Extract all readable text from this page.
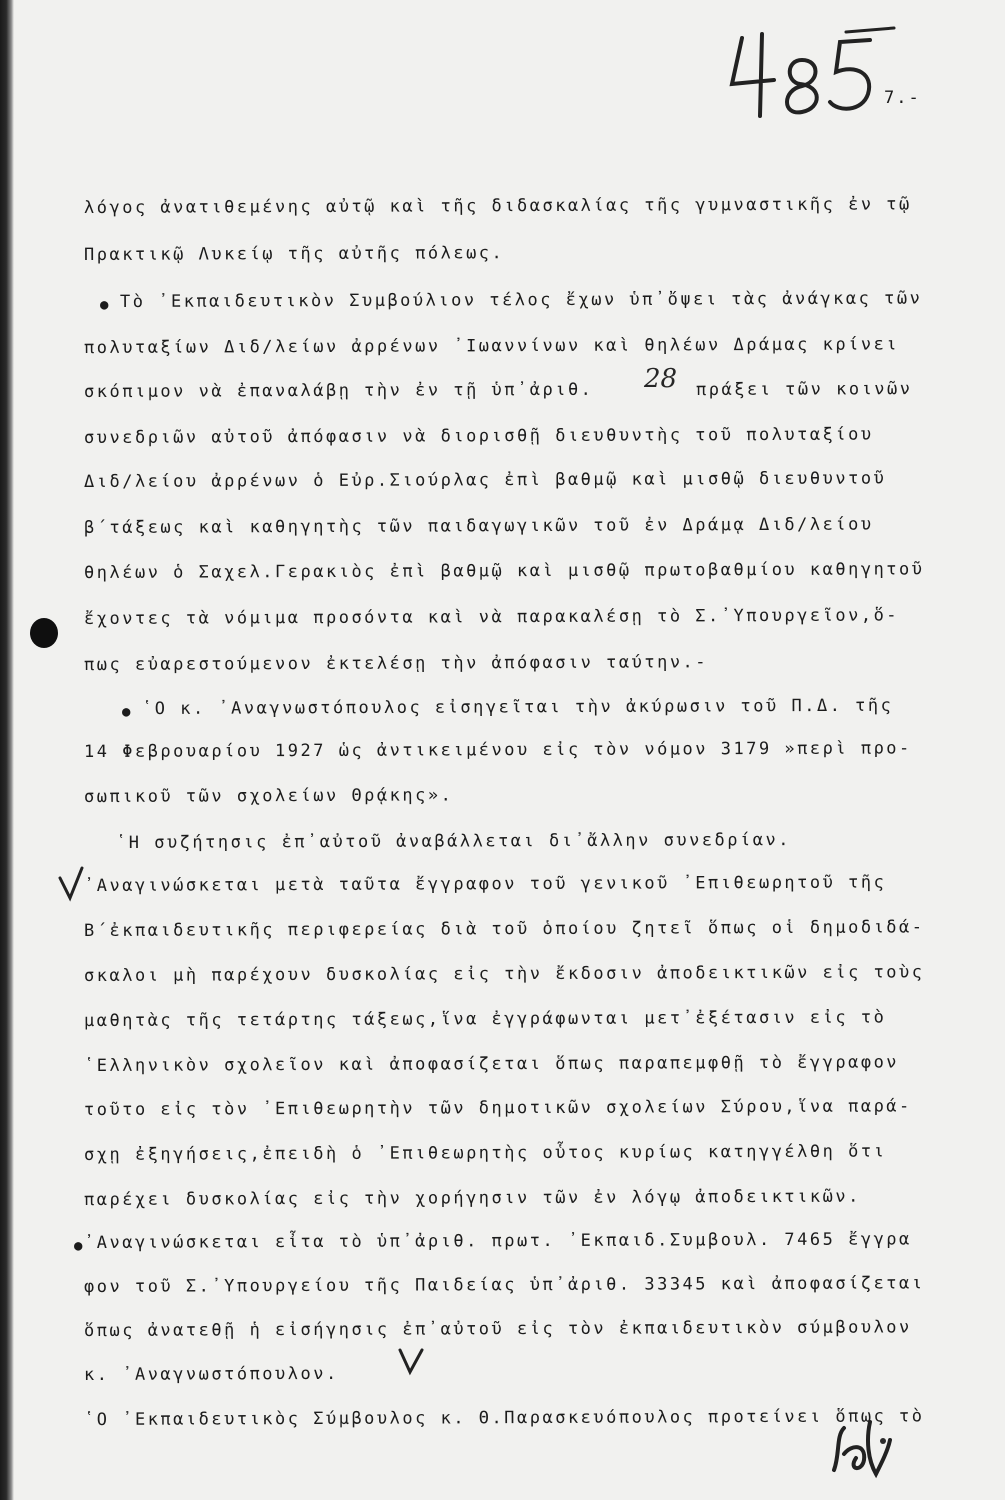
7.-
λόγος ἀνατιθεμένης αὐτῷ καὶ τῆς διδασκαλίας τῆς γυμναστικῆς ἐν τῷ
Πρακτικῷ Λυκείῳ τῆς αὐτῆς πόλεως.
● Τὸ ᾿Εκπαιδευτικὸν Συμβούλιον τέλος ἔχων ὑπ᾿ὄψει τὰς ἀνάγκας τῶν
πολυταξίων Διδ/λείων ἀρρένων ᾿Ιωαννίνων καὶ θηλέων Δράμας κρίνει
σκόπιμον νὰ ἐπαναλάβῃ τὴν ἐν τῇ ὑπ᾿ἀριθ. 28 πράξει τῶν κοινῶν
συνεδριῶν αὐτοῦ ἀπόφασιν νὰ διορισθῇ διευθυντὴς τοῦ πολυταξίου
Διδ/λείου ἀρρένων ὁ Εὐρ.Σιούρλας ἐπὶ βαθμῷ καὶ μισθῷ διευθυντοῦ
β΄τάξεως καὶ καθηγητὴς τῶν παιδαγωγικῶν τοῦ ἐν Δράμᾳ Διδ/λείου
θηλέων ὁ Σαχελ.Γερακιὸς ἐπὶ βαθμῷ καὶ μισθῷ πρωτοβαθμίου καθηγητοῦ
ἔχοντες τὰ νόμιμα προσόντα καὶ νὰ παρακαλέσῃ τὸ Σ.᾿Υπουργεῖον,ὅ-
πως εὐαρεστούμενον ἐκτελέσῃ τὴν ἀπόφασιν ταύτην.-
● ῾Ο κ. ᾿Αναγνωστόπουλος εἰσηγεῖται τὴν ἀκύρωσιν τοῦ Π.Δ. τῆς
14 Φεβρουαρίου 1927 ὡς ἀντικειμένου εἰς τὸν νόμον 3179 »περὶ προ-
σωπικοῦ τῶν σχολείων Θρᾴκης».
῾Η συζήτησις ἐπ᾿αὐτοῦ ἀναβάλλεται δι᾿ἄλλην συνεδρίαν.
᾿Αναγινώσκεται μετὰ ταῦτα ἔγγραφον τοῦ γενικοῦ ᾿Επιθεωρητοῦ τῆς
Β΄ἐκπαιδευτικῆς περιφερείας διὰ τοῦ ὁποίου ζητεῖ ὅπως οἱ δημοδιδά-
σκαλοι μὴ παρέχουν δυσκολίας εἰς τὴν ἔκδοσιν ἀποδεικτικῶν εἰς τοὺς
μαθητὰς τῆς τετάρτης τάξεως,ἵνα ἐγγράφωνται μετ᾿ἐξέτασιν εἰς τὸ
῾Ελληνικὸν σχολεῖον καὶ ἀποφασίζεται ὅπως παραπεμφθῇ τὸ ἔγγραφον
τοῦτο εἰς τὸν ᾿Επιθεωρητὴν τῶν δημοτικῶν σχολείων Σύρου,ἵνα παρά-
σχῃ ἐξηγήσεις,ἐπειδὴ ὁ ᾿Επιθεωρητὴς οὗτος κυρίως κατηγγέλθη ὅτι
παρέχει δυσκολίας εἰς τὴν χορήγησιν τῶν ἐν λόγῳ ἀποδεικτικῶν.
● ᾿Αναγινώσκεται εἶτα τὸ ὑπ᾿ἀριθ. πρωτ. ᾿Εκπαιδ.Συμβουλ. 7465 ἔγγρα
φον τοῦ Σ.᾿Υπουργείου τῆς Παιδείας ὑπ᾿ἀριθ. 33345 καὶ ἀποφασίζεται
ὅπως ἀνατεθῇ ἡ εἰσήγησις ἐπ᾿αὐτοῦ εἰς τὸν ἐκπαιδευτικὸν σύμβουλον
κ. ᾿Αναγνωστόπουλον.
῾Ο ᾿Εκπαιδευτικὸς Σύμβουλος κ. Θ.Παρασκευόπουλος προτείνει ὅπως τὸ
